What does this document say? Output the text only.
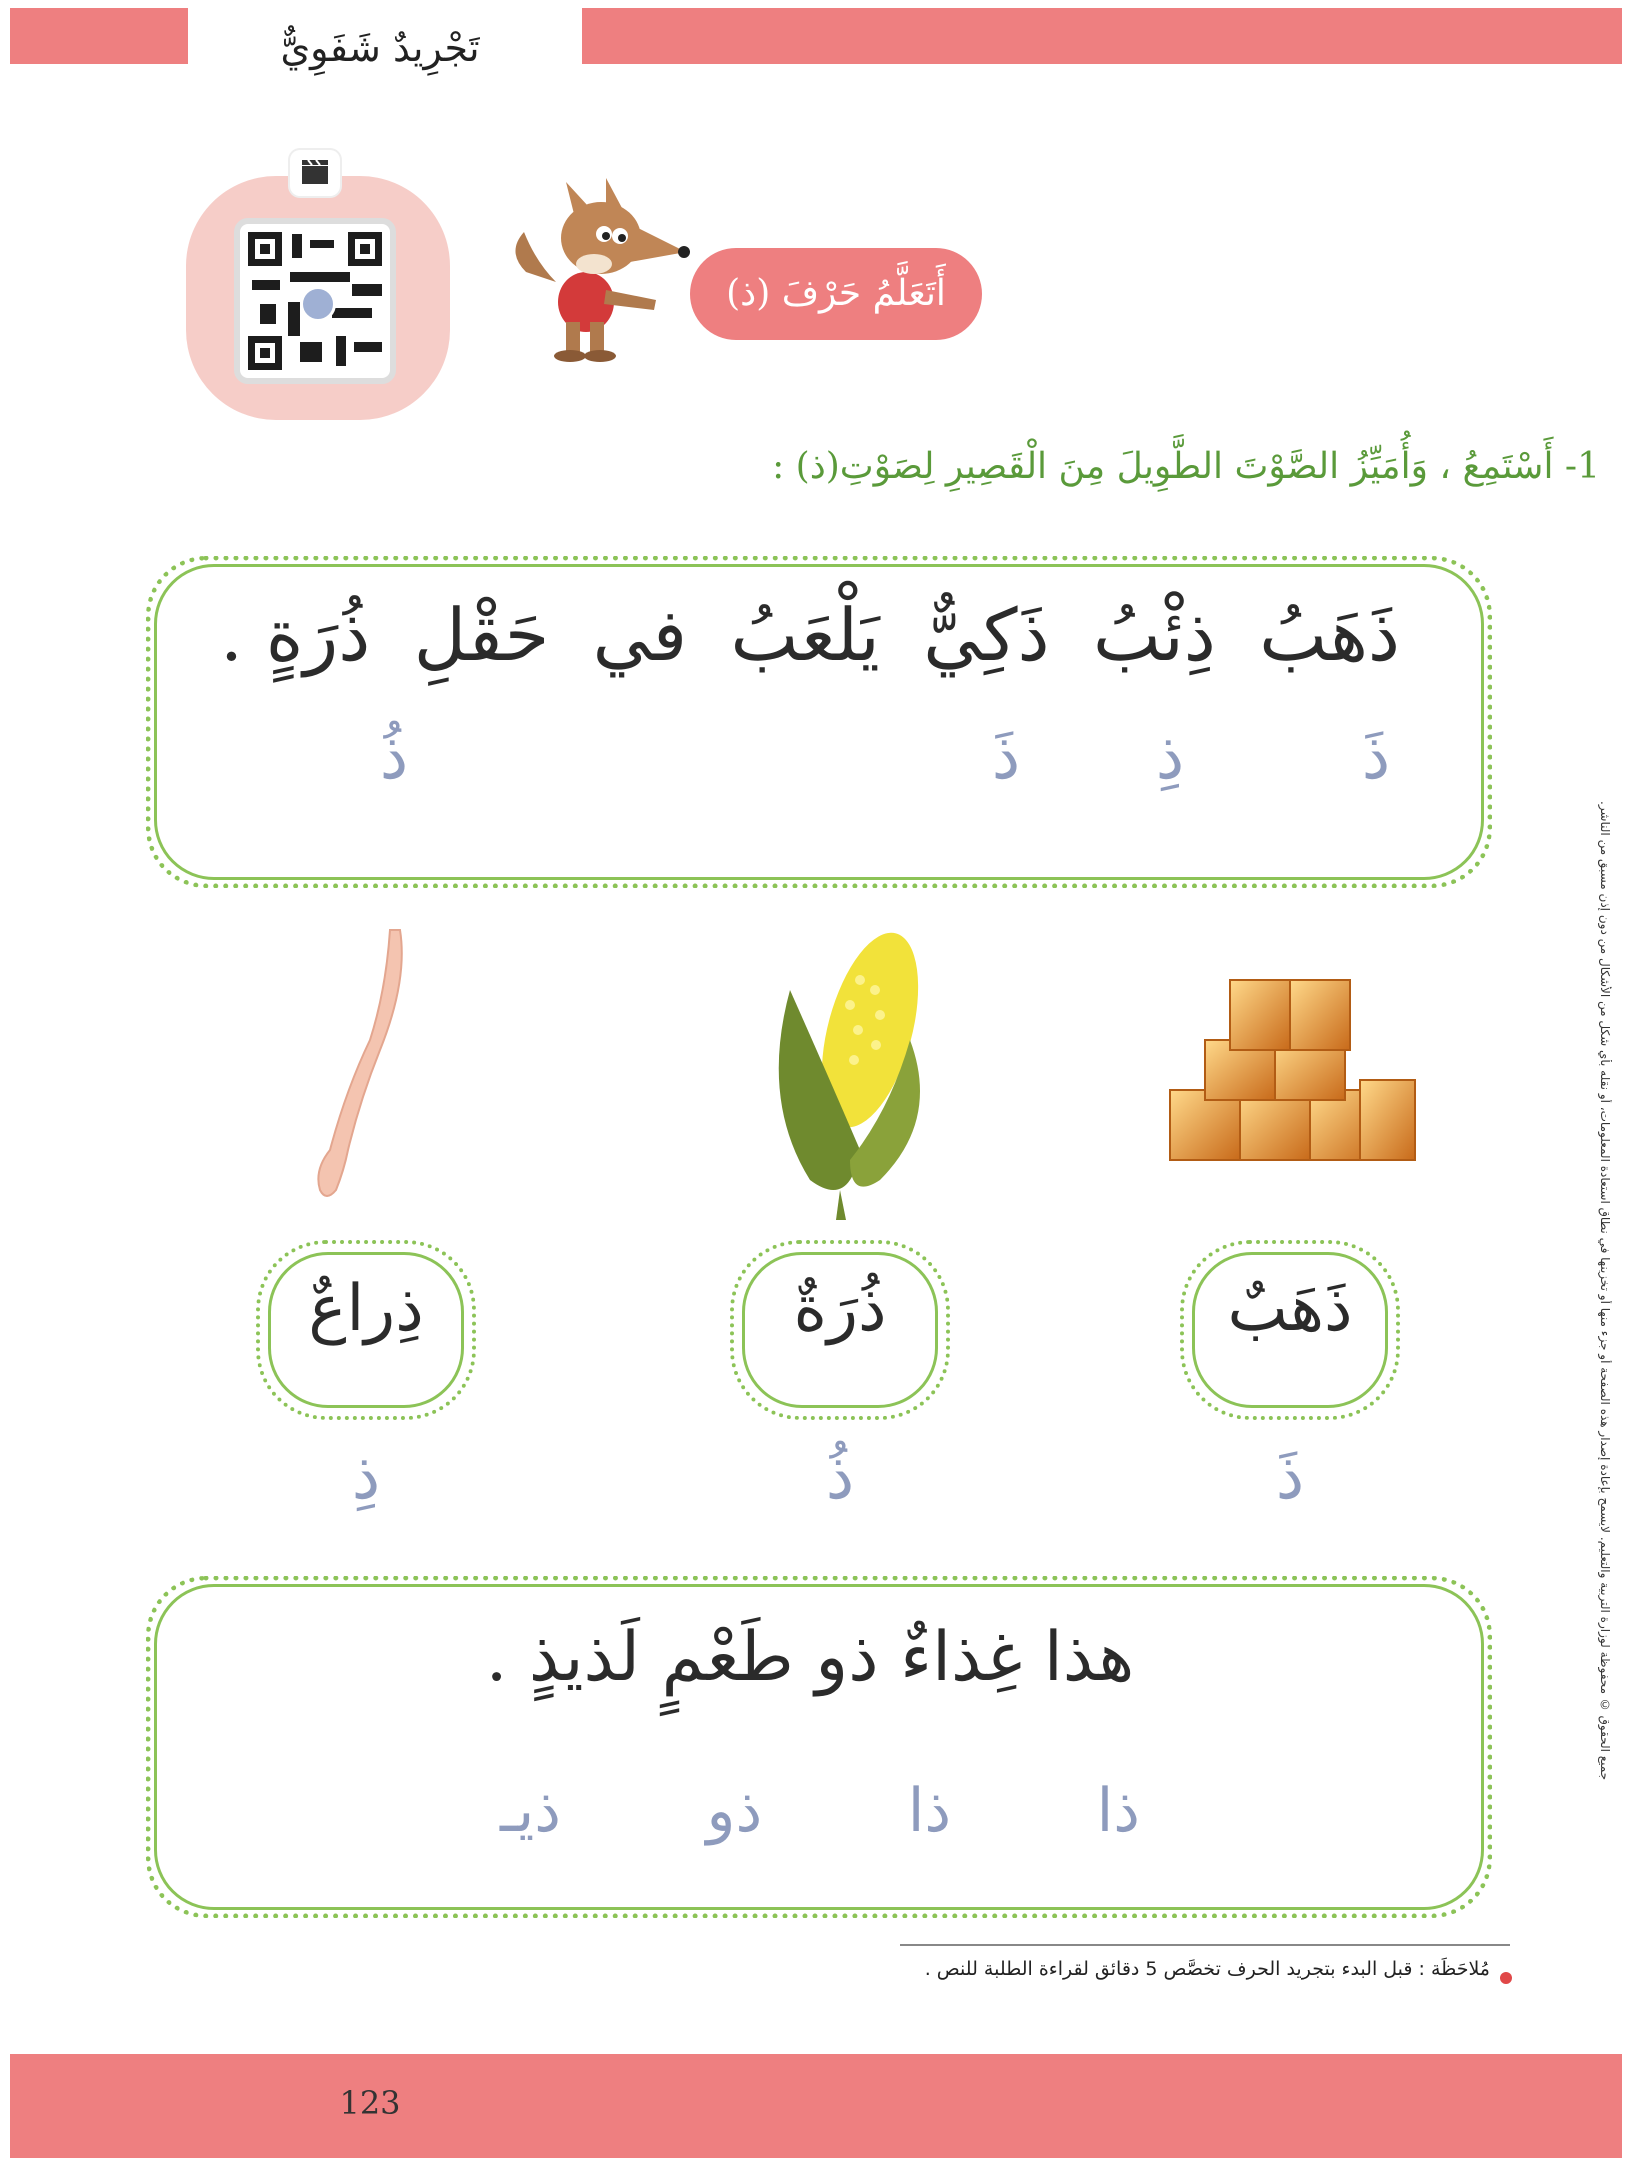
تَجْرِيدٌ شَفَوِيٌّ
أَتَعَلَّمُ حَرْفَ (ذ)
1- أَسْتَمِعُ ، وَأُمَيِّزُ الصَّوْتَ الطَّوِيلَ مِنَ الْقَصِيرِ لِصَوْتِ(ذ) :
ذَهَبُ
ذِئْبُ
ذَكِيٌّ
يَلْعَبُ
في
حَقْلِ
ذُرَةٍ .
ذَ
ذِ
ذَ
ذُ
ذَهَبٌ
ذُرَةٌ
ذِراعٌ
ذَ
ذُ
ذِ
هذا غِذاءٌ ذو طَعْمٍ لَذيذٍ .
ذا
ذا
ذو
ذيـ
مُلاحَظَة : قبل البدء بتجريد الحرف تخصَّص 5 دقائق لقراءة الطلبة للنص .
جميع الحقوق © محفوظة لوزارة التربية والتعليم. لايسمح بإعادة إصدار هذه الصفحة أو جزء منها أو تخزينها في نطاق استعادة المعلومات، أو نقله بأي شكل من الأشكال من دون إذن مسبق من الناشر.
123
